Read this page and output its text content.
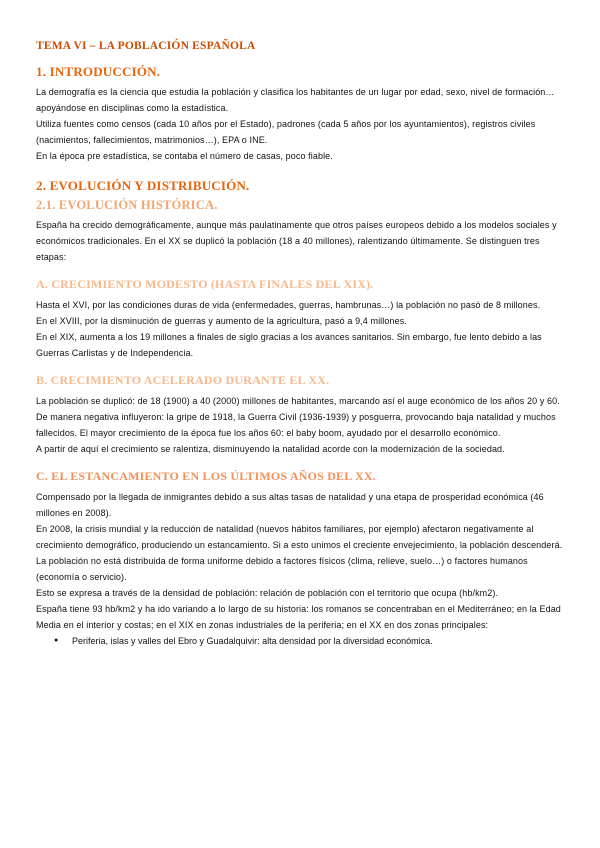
TEMA VI – LA POBLACIÓN ESPAÑOLA
1. INTRODUCCIÓN.

La demografía es la ciencia que estudia la población y clasifica los habitantes de un lugar por edad, sexo, nivel de formación… apoyándose en disciplinas como la estadística.

Utiliza fuentes como censos (cada 10 años por el Estado), padrones (cada 5 años por los ayuntamientos), registros civiles (nacimientos, fallecimientos, matrimonios…), EPA o INE.

En la época pre estadística, se contaba el número de casas, poco fiable.

2. EVOLUCIÓN Y DISTRIBUCIÓN.
2.1. EVOLUCIÓN HISTÓRICA.

España ha crecido demográficamente, aunque más paulatinamente que otros países europeos debido a los modelos sociales y económicos tradicionales. En el XX se duplicó la población (18 a 40 millones), ralentizando últimamente. Se distinguen tres etapas:

A. CRECIMIENTO MODESTO (HASTA FINALES DEL XIX).

Hasta el XVI, por las condiciones duras de vida (enfermedades, guerras, hambrunas…) la población no pasó de 8 millones.

En el XVIII, por la disminución de guerras y aumento de la agricultura, pasó a 9,4 millones.

En el XIX, aumenta a los 19 millones a finales de siglo gracias a los avances sanitarios. Sin embargo, fue lento debido a las Guerras Carlistas y de Independencia.

B. CRECIMIENTO ACELERADO DURANTE EL XX.

La población se duplicó: de 18 (1900) a 40 (2000) millones de habitantes, marcando así el auge económico de los años 20 y 60.

De manera negativa influyeron: la gripe de 1918, la Guerra Civil (1936-1939) y posguerra, provocando baja natalidad y muchos fallecidos. El mayor crecimiento de la época fue los años 60: el baby boom, ayudado por el desarrollo económico.

A partir de aquí el crecimiento se ralentiza, disminuyendo la natalidad acorde con la modernización de la sociedad.

C. EL ESTANCAMIENTO EN LOS ÚLTIMOS AÑOS DEL XX.

Compensado por la llegada de inmigrantes debido a sus altas tasas de natalidad y una etapa de prosperidad económica (46 millones en 2008).

En 2008, la crisis mundial y la reducción de natalidad (nuevos hábitos familiares, por ejemplo) afectaron negativamente al crecimiento demográfico, produciendo un estancamiento. Si a esto unimos el creciente envejecimiento, la población descenderá.

La población no está distribuida de forma uniforme debido a factores físicos (clima, relieve, suelo…) o factores humanos (economía o servicio).

Esto se expresa a través de la densidad de población: relación de población con el territorio que ocupa (hb/km2).

España tiene 93 hb/km2 y ha ido variando a lo largo de su historia: los romanos se concentraban en el Mediterráneo; en la Edad Media en el interior y costas; en el XIX en zonas industriales de la periferia; en el XX en dos zonas principales:

● Periferia, islas y valles del Ebro y Guadalquivir: alta densidad por la diversidad económica.
